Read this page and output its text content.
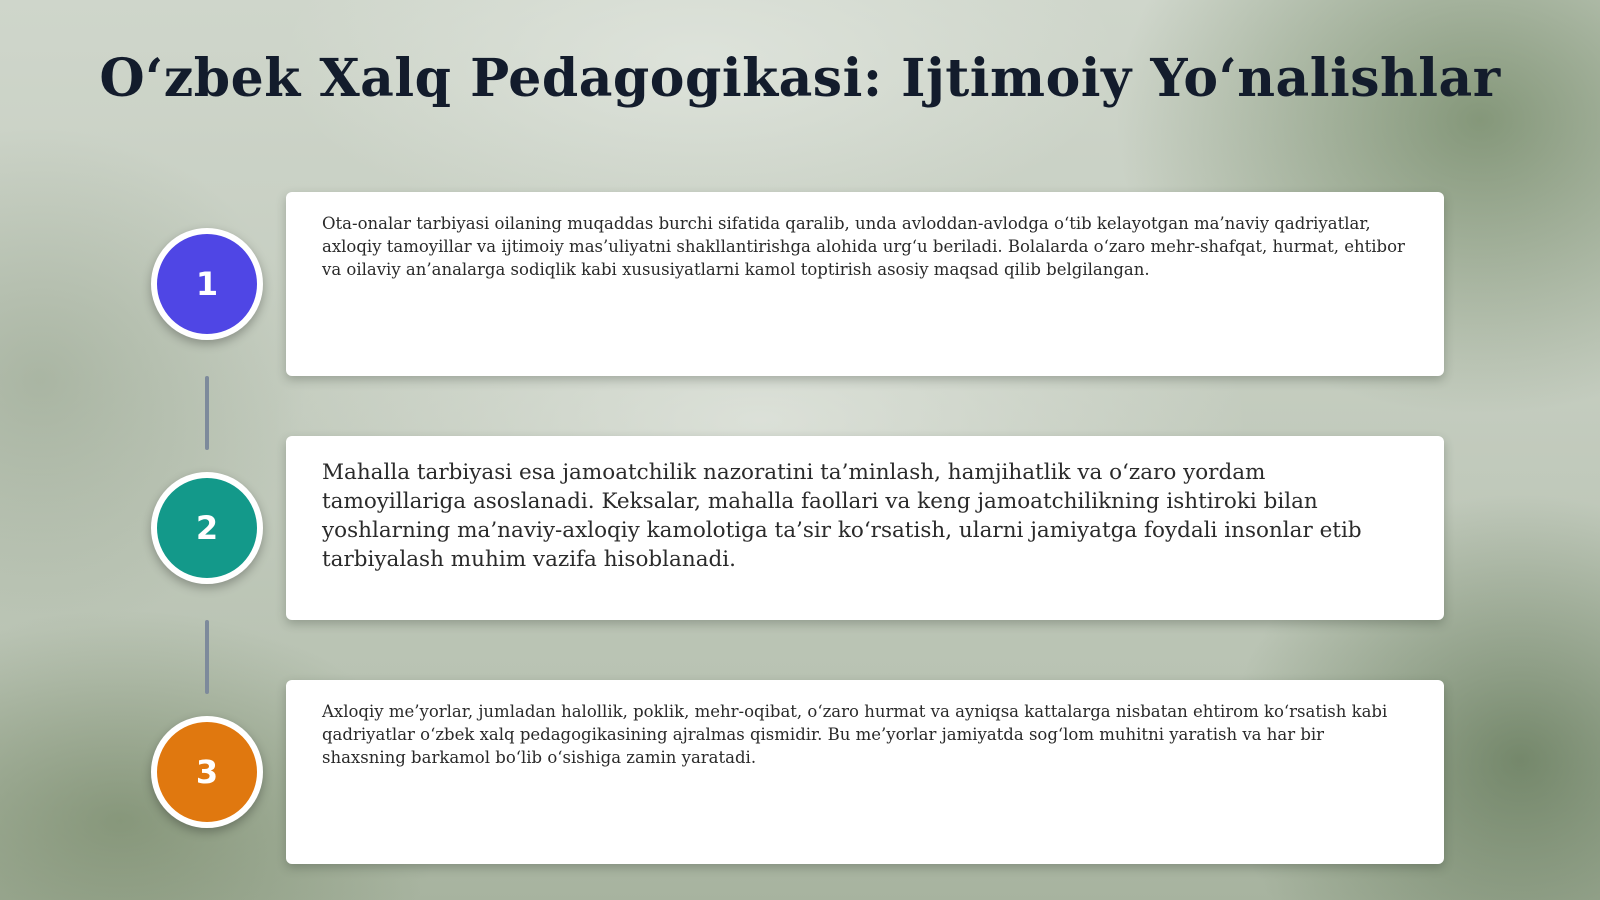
O‘zbek Xalq Pedagogikasi: Ijtimoiy Yo‘nalishlar
1

Ota-onalar tarbiyasi oilaning muqaddas burchi sifatida qaralib, unda avloddan-avlodga o‘tib kelayotgan ma’naviy qadriyatlar, axloqiy tamoyillar va ijtimoiy mas’uliyatni shakllantirishga alohida urg‘u beriladi. Bolalarda o‘zaro mehr-shafqat, hurmat, ehtibor va oilaviy an’analarga sodiqlik kabi xususiyatlarni kamol toptirish asosiy maqsad qilib belgilangan.

2

Mahalla tarbiyasi esa jamoatchilik nazoratini ta’minlash, hamjihatlik va o‘zaro yordam tamoyillariga asoslanadi. Keksalar, mahalla faollari va keng jamoatchilikning ishtiroki bilan yoshlarning ma’naviy-axloqiy kamolotiga ta’sir ko‘rsatish, ularni jamiyatga foydali insonlar etib tarbiyalash muhim vazifa hisoblanadi.

3

Axloqiy me’yorlar, jumladan halollik, poklik, mehr-oqibat, o‘zaro hurmat va ayniqsa kattalarga nisbatan ehtirom ko‘rsatish kabi qadriyatlar o‘zbek xalq pedagogikasining ajralmas qismidir. Bu me’yorlar jamiyatda sog‘lom muhitni yaratish va har bir shaxsning barkamol bo‘lib o‘sishiga zamin yaratadi.
